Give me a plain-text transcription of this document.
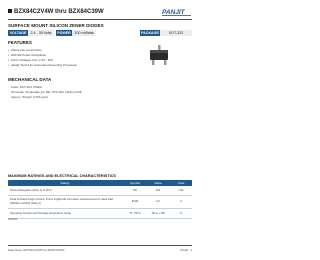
BZX84C2V4W thru BZX84C39W	PANJIT
SURFACE MOUNT SILICON ZENER DIODES
VOLTAGE	2.4 - 39 Volts	POWER	200 mWatts	PACKAGE	SOT-323
FEATURES
• Planar Die construction
• 200mW Power Dissipation
• Zener Voltages from 2.4V - 39V
• Ideally Suited for Automated Assembly Processes
MECHANICAL DATA
Case: SOT-323, Plastic
Terminals: Solderable per MIL-STD-202, Method 208
Approx. Weight: 0.006 gram
MAXIMUM RATINGS AND ELECTRICAL CHARACTERISTICS
Rating	Symbol	Value	Units
Power Dissipation (Note 1) at 25°C	PD	200	mW
Peak Forward Surge Current, 8.3ms single half sine-wave superimposed on rated load (JEDEC method) (Note 2)	IFSM	2.0	A
Operating Junction and Storage temperature range	TJ, TSTG	-55 to +150	°C
NOTES:
Data Sheet: BZX84C2V4W thru BZX84C39W	PAGE . 1
